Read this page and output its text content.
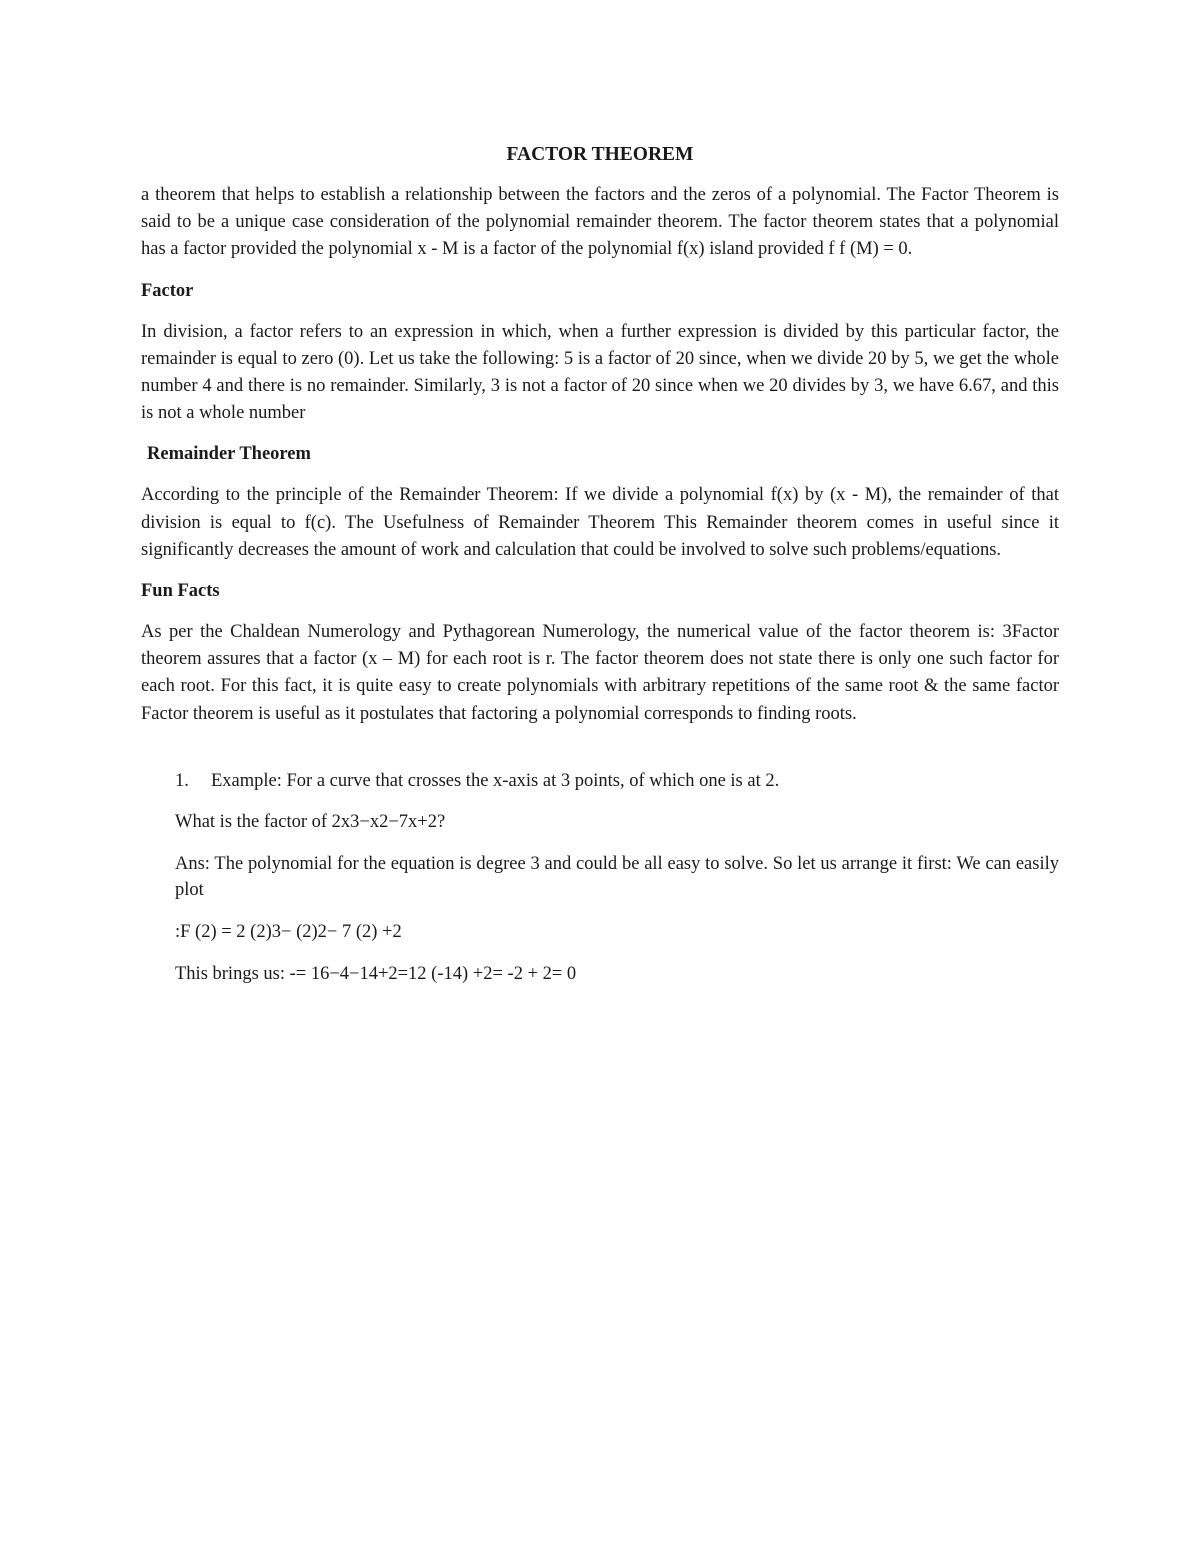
FACTOR THEOREM

a theorem that helps to establish a relationship between the factors and the zeros of a polynomial. The Factor Theorem is said to be a unique case consideration of the polynomial remainder theorem. The factor theorem states that a polynomial has a factor provided the polynomial x - M is a factor of the polynomial f(x) island provided f f (M) = 0.

Factor

In division, a factor refers to an expression in which, when a further expression is divided by this particular factor, the remainder is equal to zero (0). Let us take the following: 5 is a factor of 20 since, when we divide 20 by 5, we get the whole number 4 and there is no remainder. Similarly, 3 is not a factor of 20 since when we 20 divides by 3, we have 6.67, and this is not a whole number

Remainder Theorem

According to the principle of the Remainder Theorem: If we divide a polynomial f(x) by (x - M), the remainder of that division is equal to f(c). The Usefulness of Remainder Theorem This Remainder theorem comes in useful since it significantly decreases the amount of work and calculation that could be involved to solve such problems/equations.

Fun Facts

As per the Chaldean Numerology and Pythagorean Numerology, the numerical value of the factor theorem is: 3Factor theorem assures that a factor (x – M) for each root is r. The factor theorem does not state there is only one such factor for each root. For this fact, it is quite easy to create polynomials with arbitrary repetitions of the same root & the same factor Factor theorem is useful as it postulates that factoring a polynomial corresponds to finding roots.

1.	Example: For a curve that crosses the x-axis at 3 points, of which one is at 2.

What is the factor of 2x3−x2−7x+2?

Ans: The polynomial for the equation is degree 3 and could be all easy to solve. So let us arrange it first: We can easily plot

:F (2) = 2 (2)3− (2)2− 7 (2) +2

This brings us: -= 16−4−14+2=12 (-14) +2= -2 + 2= 0
